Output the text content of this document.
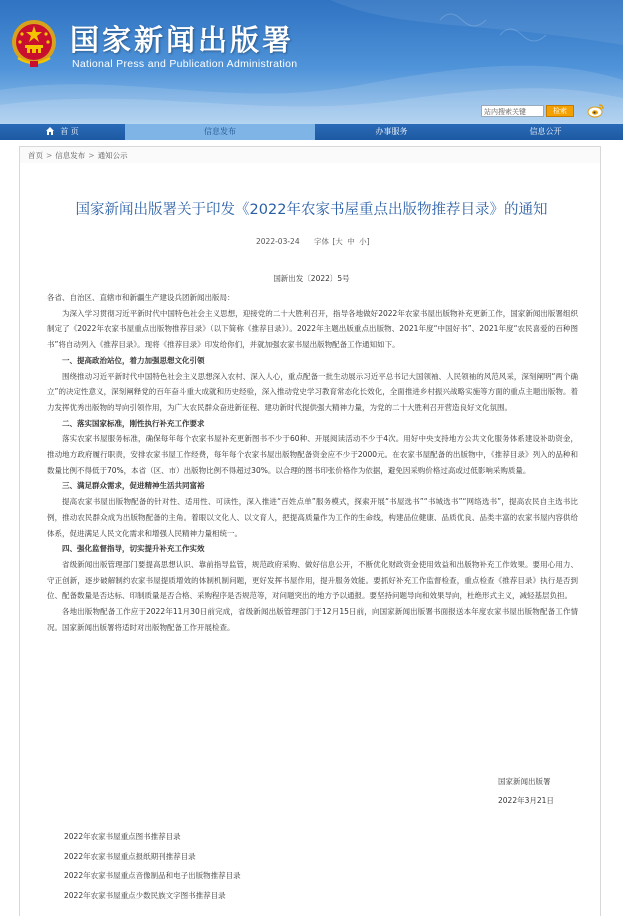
国家新闻出版署
National Press and Publication Administration
站内搜索关键	检索
首 页	信息发布	办事服务	信息公开
首页 > 信息发布 > 通知公示
国家新闻出版署关于印发《2022年农家书屋重点出版物推荐目录》的通知
2022-03-24 字体 [大 中 小]
国新出发〔2022〕5号

各省、自治区、直辖市和新疆生产建设兵团新闻出版局：

为深入学习贯彻习近平新时代中国特色社会主义思想，迎接党的二十大胜利召开，指导各地做好2022年农家书屋出版物补充更新工作，国家新闻出版署组织制定了《2022年农家书屋重点出版物推荐目录》（以下简称《推荐目录》）。2022年主题出版重点出版物、2021年度“中国好书”、2021年度“农民喜爱的百种图书”将自动列入《推荐目录》。现将《推荐目录》印发给你们，并就加强农家书屋出版物配备工作通知如下。

一、提高政治站位，着力加强思想文化引领

围绕推动习近平新时代中国特色社会主义思想深入农村、深入人心，重点配备一批生动展示习近平总书记大国领袖、人民领袖的风范风采，深刻阐明“两个确立”的决定性意义，深刻阐释党的百年奋斗重大成就和历史经验，深入推动党史学习教育常态化长效化，全面推进乡村振兴战略实施等方面的重点主题出版物。着力发挥优秀出版物的导向引领作用，为广大农民群众奋进新征程、建功新时代提供强大精神力量，为党的二十大胜利召开营造良好文化氛围。

二、落实国家标准，刚性执行补充工作要求

落实农家书屋服务标准，确保每年每个农家书屋补充更新图书不少于60种、开展阅读活动不少于4次。用好中央支持地方公共文化服务体系建设补助资金，推动地方政府履行职责，安排农家书屋工作经费，每年每个农家书屋出版物配备资金应不少于2000元。在农家书屋配备的出版物中，《推荐目录》列入的品种和数量比例不得低于70%，本省（区、市）出版物比例不得超过30%。以合理的图书印张价格作为依据，避免因采购价格过高或过低影响采购质量。

三、满足群众需求，促进精神生活共同富裕

提高农家书屋出版物配备的针对性、适用性、可读性，深入推进“百姓点单”服务模式，探索开展“书屋选书”“书城选书”“网络选书”，提高农民自主选书比例，推动农民群众成为出版物配备的主角。着眼以文化人、以文育人，把提高质量作为工作的生命线，构建品位健康、品质优良、品类丰富的农家书屋内容供给体系，促进满足人民文化需求和增强人民精神力量相统一。

四、强化监督指导，切实提升补充工作实效

省级新闻出版管理部门要提高思想认识、靠前指导监管，规范政府采购、做好信息公开，不断优化财政资金使用效益和出版物补充工作效果。要用心用力、守正创新，逐步破解制约农家书屋提质增效的体制机制问题，更好发挥书屋作用，提升服务效能。要抓好补充工作监督检查，重点检查《推荐目录》执行是否到位、配备数量是否达标、印制质量是否合格、采购程序是否规范等，对问题突出的地方予以通报。要坚持问题导向和效果导向，杜绝形式主义，减轻基层负担。

各地出版物配备工作应于2022年11月30日前完成，省级新闻出版管理部门于12月15日前，向国家新闻出版署书面报送本年度农家书屋出版物配备工作情况。国家新闻出版署将适时对出版物配备工作开展检查。

国家新闻出版署
2022年3月21日
2022年农家书屋重点图书推荐目录
2022年农家书屋重点报纸期刊推荐目录
2022年农家书屋重点音像制品和电子出版物推荐目录
2022年农家书屋重点少数民族文字图书推荐目录
